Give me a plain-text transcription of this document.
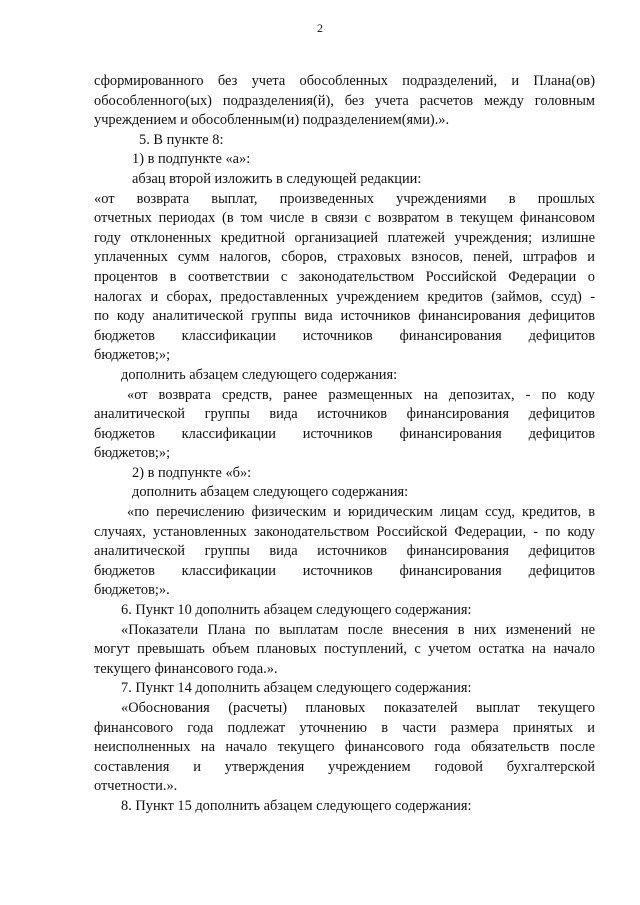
2
сформированного без учета обособленных подразделений, и Плана(ов)
обособленного(ых) подразделения(й), без учета расчетов между головным
учреждением и обособленным(и) подразделением(ями).».
5. В пункте 8:
1) в подпункте «а»:
абзац второй изложить в следующей редакции:
«от возврата выплат, произведенных учреждениями в прошлых
отчетных периодах (в том числе в связи с возвратом в текущем финансовом
году отклоненных кредитной организацией платежей учреждения; излишне
уплаченных сумм налогов, сборов, страховых взносов, пеней, штрафов и
процентов в соответствии с законодательством Российской Федерации о
налогах и сборах, предоставленных учреждением кредитов (займов, ссуд) -
по коду аналитической группы вида источников финансирования дефицитов
бюджетов классификации источников финансирования дефицитов
бюджетов;»;
дополнить абзацем следующего содержания:
«от возврата средств, ранее размещенных на депозитах, - по коду
аналитической группы вида источников финансирования дефицитов
бюджетов классификации источников финансирования дефицитов
бюджетов;»;
2) в подпункте «б»:
дополнить абзацем следующего содержания:
«по перечислению физическим и юридическим лицам ссуд, кредитов, в
случаях, установленных законодательством Российской Федерации, - по коду
аналитической группы вида источников финансирования дефицитов
бюджетов классификации источников финансирования дефицитов
бюджетов;».
6. Пункт 10 дополнить абзацем следующего содержания:
«Показатели Плана по выплатам после внесения в них изменений не
могут превышать объем плановых поступлений, с учетом остатка на начало
текущего финансового года.».
7. Пункт 14 дополнить абзацем следующего содержания:
«Обоснования (расчеты) плановых показателей выплат текущего
финансового года подлежат уточнению в части размера принятых и
неисполненных на начало текущего финансового года обязательств после
составления и утверждения учреждением годовой бухгалтерской
отчетности.».
8. Пункт 15 дополнить абзацем следующего содержания:
